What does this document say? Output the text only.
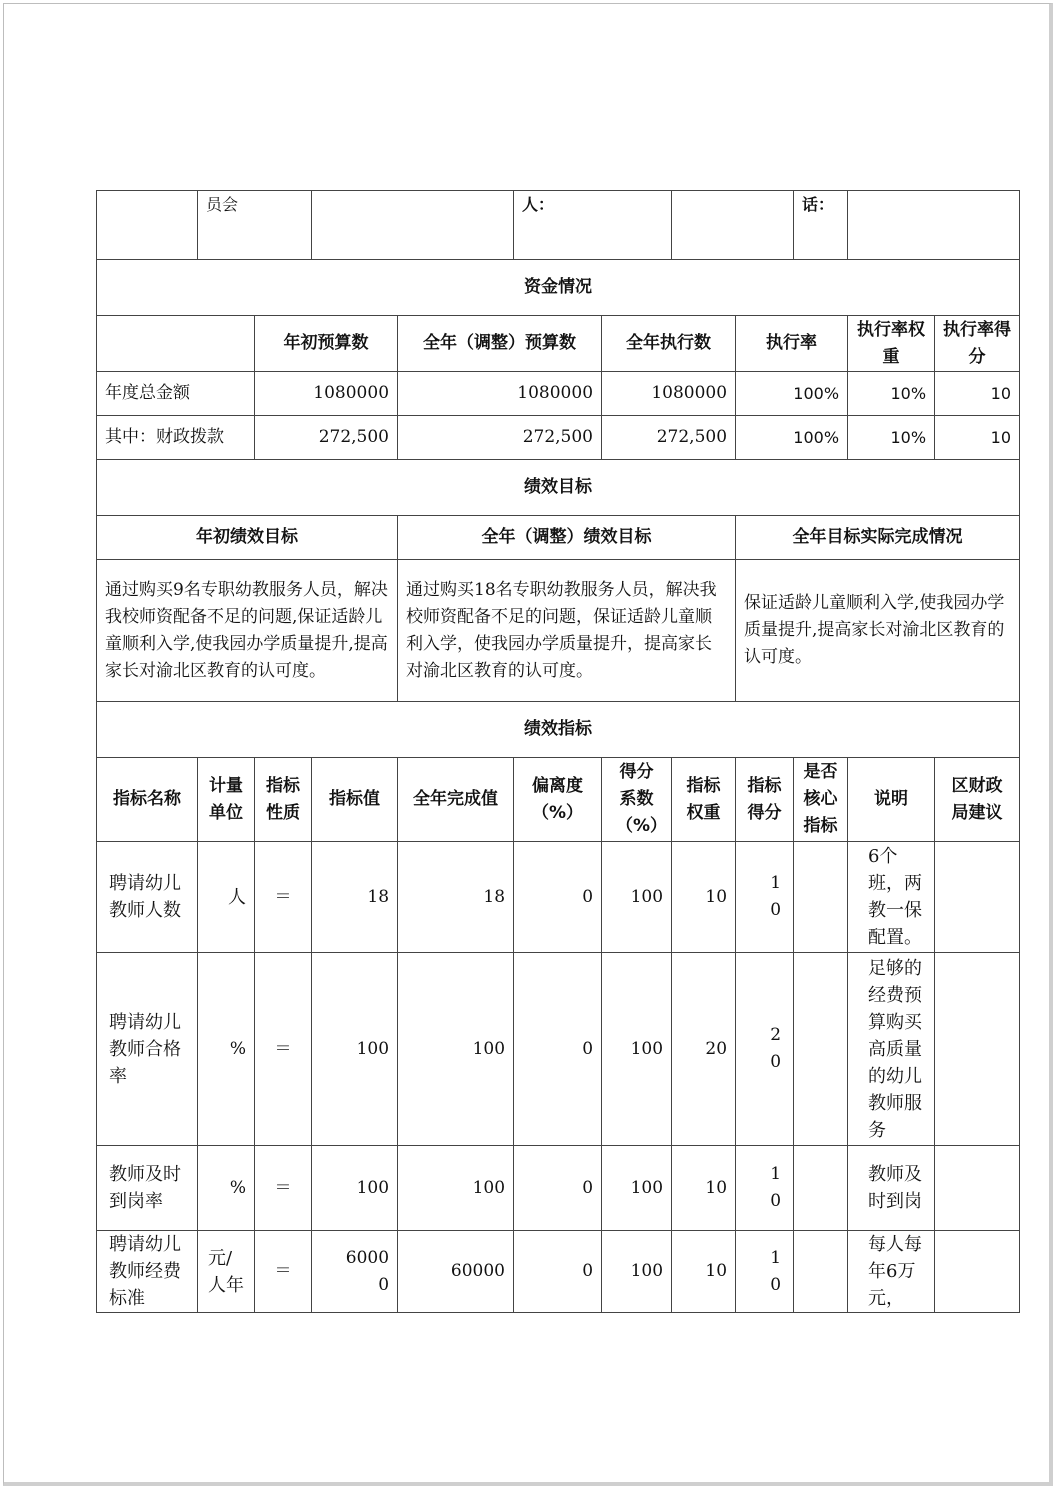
	员会				人：				话：		
资金情况											
		年初预算数		全年（调整）预算数		全年执行数		执行率		执行率权重	执行率得分
年度总金额		1080000		1080000		1080000		100%		10%	10
其中：财政拨款		272,500		272,500		272,500		100%		10%	10
绩效目标											
年初绩效目标				全年（调整）绩效目标				全年目标实际完成情况			
通过购买9名专职幼教服务人员，解决我校师资配备不足的问题,保证适龄儿童顺利入学,使我园办学质量提升,提高家长对渝北区教育的认可度。				通过购买18名专职幼教服务人员，解决我校师资配备不足的问题，保证适龄儿童顺利入学，使我园办学质量提升，提高家长对渝北区教育的认可度。				保证适龄儿童顺利入学,使我园办学质量提升,提高家长对渝北区教育的认可度。			
绩效指标											
指标名称	计量单位	指标性质	指标值	全年完成值	偏离度（%）	得分系数（%）	指标权重	指标得分	是否核心指标	说明	区财政局建议
聘请幼儿教师人数	人	＝	18	18	0	100	10	10		6个班，两教一保配置。	
聘请幼儿教师合格率	%	＝	100	100	0	100	20	20		足够的经费预算购买高质量的幼儿教师服务	
教师及时到岗率	%	＝	100	100	0	100	10	10		教师及时到岗	
聘请幼儿教师经费标准	元/人年	＝	60000	60000	0	100	10	10		每人每年6万元，	
